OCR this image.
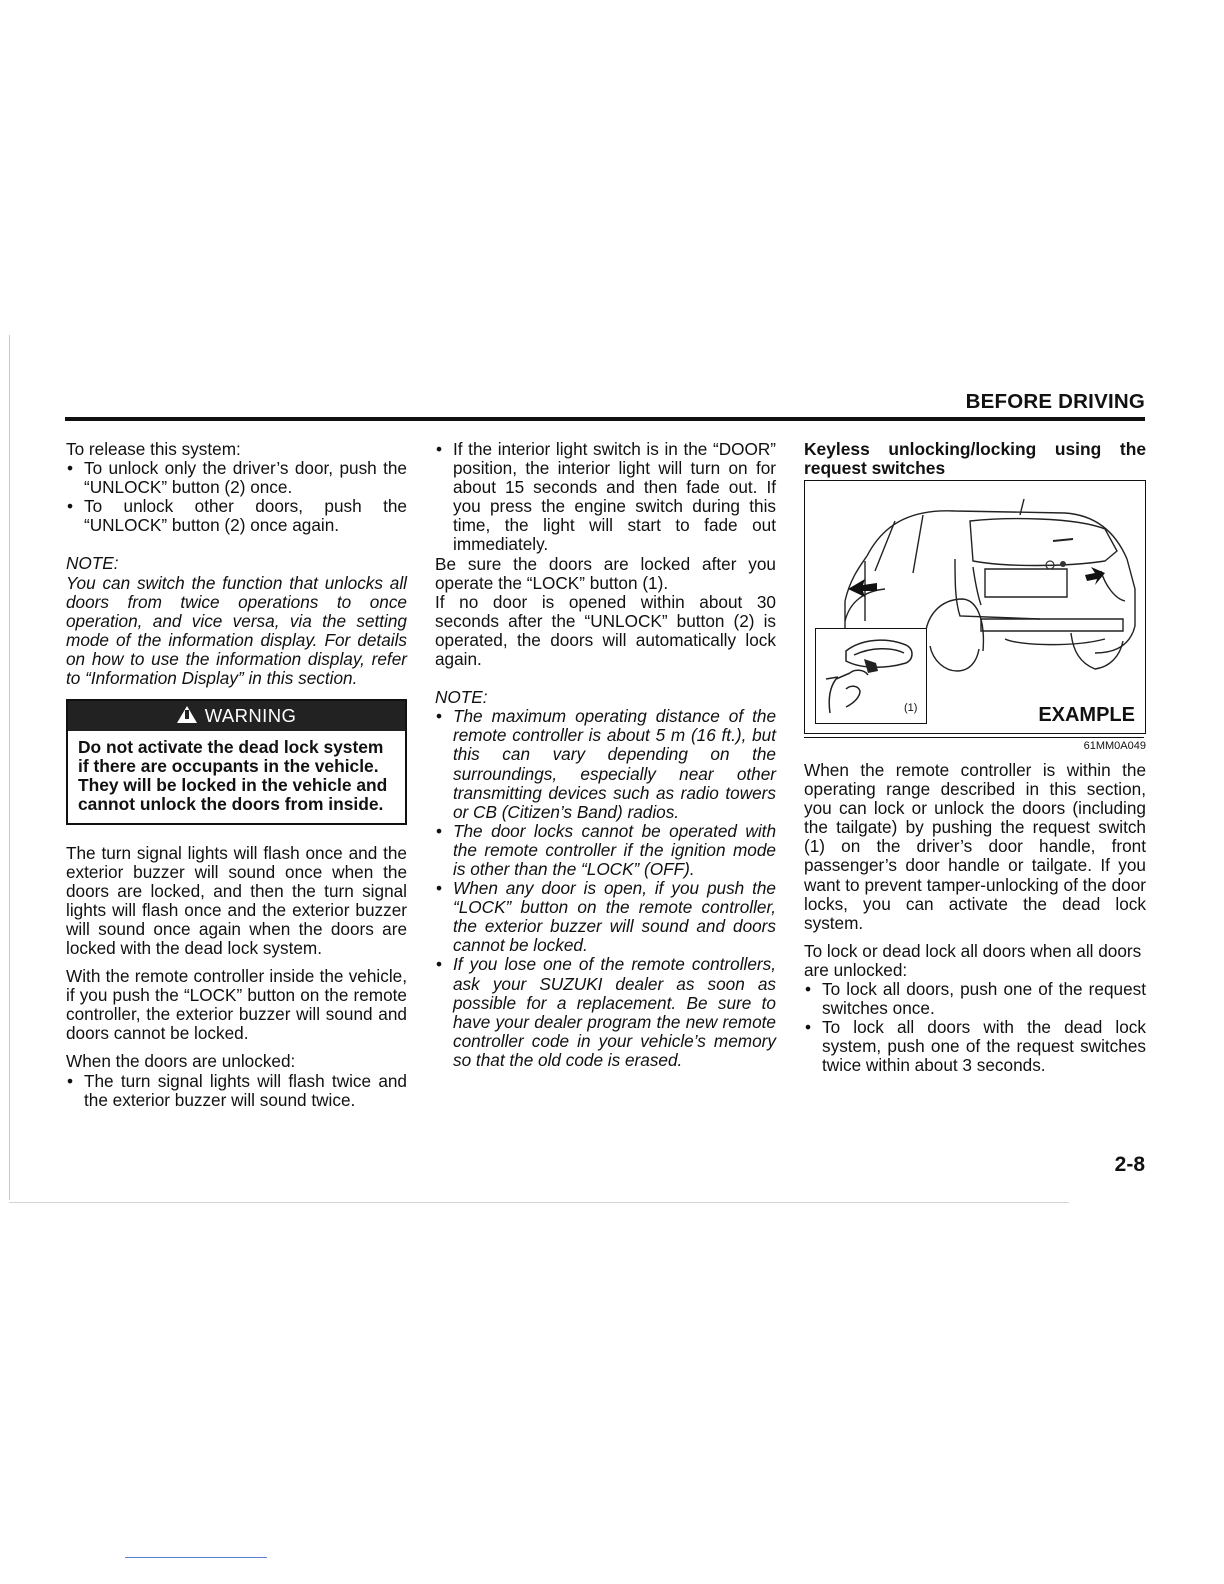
BEFORE DRIVING

To release this system:

• To unlock only the driver’s door, push the “UNLOCK” button (2) once.
• To unlock other doors, push the “UNLOCK” button (2) once again.

NOTE:

You can switch the function that unlocks all doors from twice operations to once operation, and vice versa, via the setting mode of the information display. For details on how to use the information display, refer to “Information Display” in this section.

WARNING
Do not activate the dead lock system if there are occupants in the vehicle. They will be locked in the vehicle and cannot unlock the doors from inside.

The turn signal lights will flash once and the exterior buzzer will sound once when the doors are locked, and then the turn signal lights will flash once and the exterior buzzer will sound once again when the doors are locked with the dead lock system.

With the remote controller inside the vehicle, if you push the “LOCK” button on the remote controller, the exterior buzzer will sound and doors cannot be locked.

When the doors are unlocked:

• The turn signal lights will flash twice and the exterior buzzer will sound twice.
• If the interior light switch is in the “DOOR” position, the interior light will turn on for about 15 seconds and then fade out. If you press the engine switch during this time, the light will start to fade out immediately.

Be sure the doors are locked after you operate the “LOCK” button (1).

If no door is opened within about 30 seconds after the “UNLOCK” button (2) is operated, the doors will automatically lock again.

NOTE:

• The maximum operating distance of the remote controller is about 5 m (16 ft.), but this can vary depending on the surroundings, especially near other transmitting devices such as radio towers or CB (Citizen’s Band) radios.
• The door locks cannot be operated with the remote controller if the ignition mode is other than the “LOCK” (OFF).
• When any door is open, if you push the “LOCK” button on the remote controller, the exterior buzzer will sound and doors cannot be locked.
• If you lose one of the remote controllers, ask your SUZUKI dealer as soon as possible for a replacement. Be sure to have your dealer program the new remote controller code in your vehicle’s memory so that the old code is erased.
Keyless unlocking/locking using the request switches
(1)	EXAMPLE
61MM0A049

When the remote controller is within the operating range described in this section, you can lock or unlock the doors (including the tailgate) by pushing the request switch (1) on the driver’s door handle, front passenger’s door handle or tailgate. If you want to prevent tamper-unlocking of the door locks, you can activate the dead lock system.

To lock or dead lock all doors when all doors are unlocked:

• To lock all doors, push one of the request switches once.
• To lock all doors with the dead lock system, push one of the request switches twice within about 3 seconds.
2-8
